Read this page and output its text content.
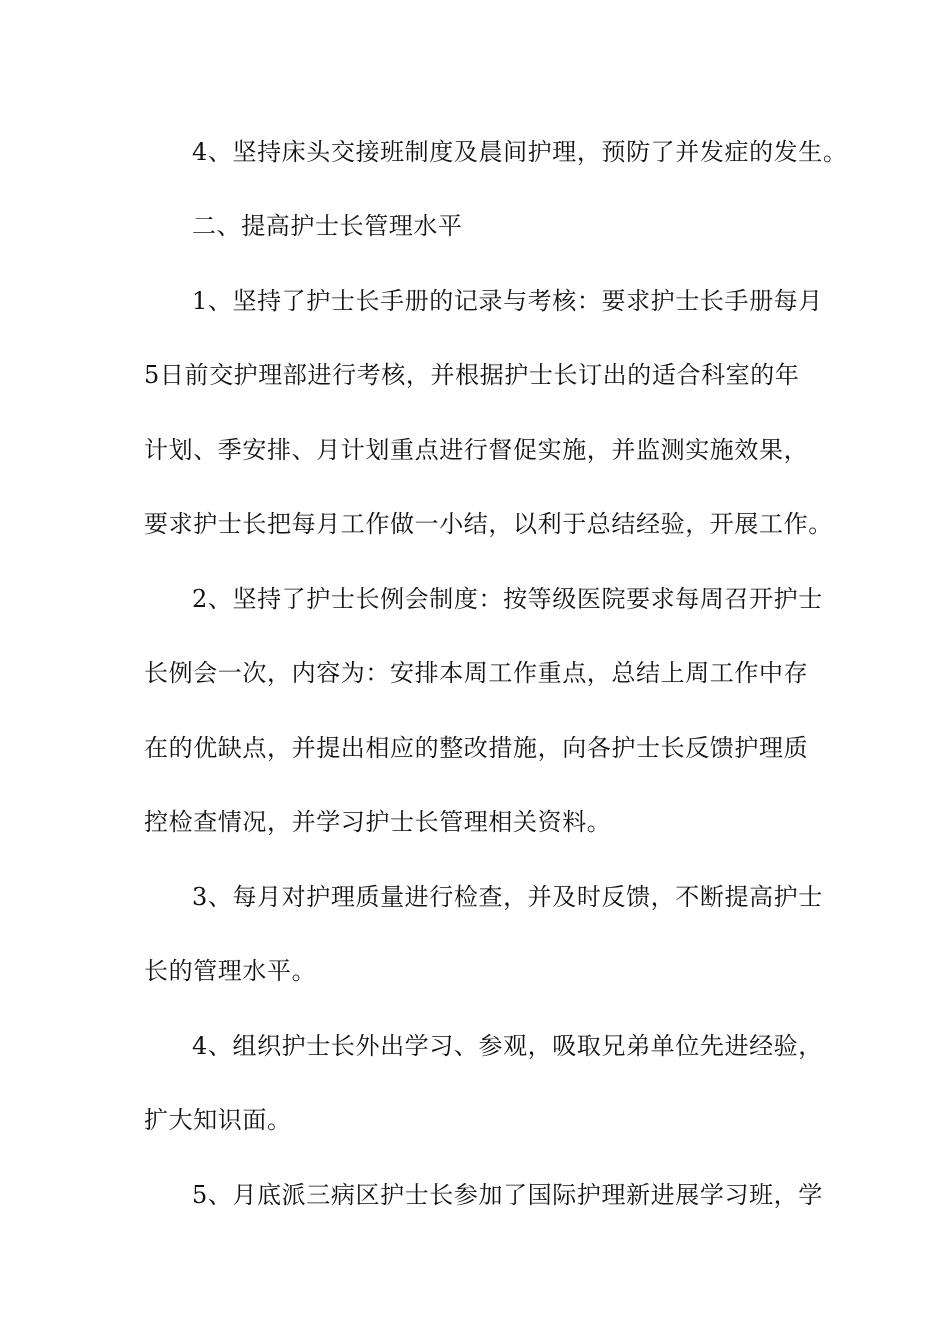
4、坚持床头交接班制度及晨间护理，预防了并发症的发生。
二、提高护士长管理水平
1、坚持了护士长手册的记录与考核：要求护士长手册每月
5日前交护理部进行考核，并根据护士长订出的适合科室的年
计划、季安排、月计划重点进行督促实施，并监测实施效果，
要求护士长把每月工作做一小结，以利于总结经验，开展工作。
2、坚持了护士长例会制度：按等级医院要求每周召开护士
长例会一次，内容为：安排本周工作重点，总结上周工作中存
在的优缺点，并提出相应的整改措施，向各护士长反馈护理质
控检查情况，并学习护士长管理相关资料。
3、每月对护理质量进行检查，并及时反馈，不断提高护士
长的管理水平。
4、组织护士长外出学习、参观，吸取兄弟单位先进经验，
扩大知识面。
5、月底派三病区护士长参加了国际护理新进展学习班，学
